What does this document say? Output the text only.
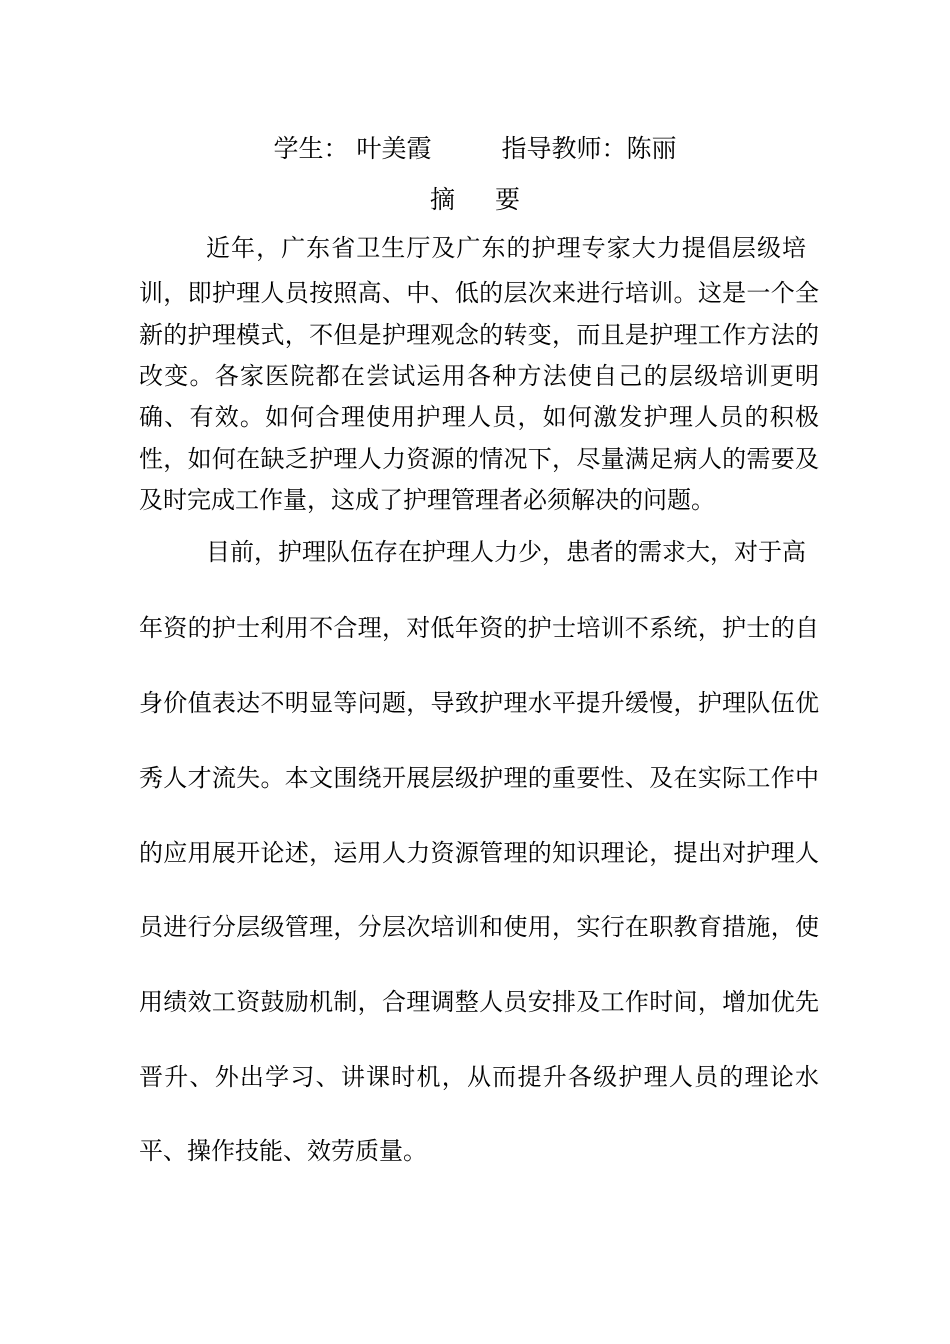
学生： 叶美霞	指导教师：陈丽
摘要
近年，广东省卫生厅及广东的护理专家大力提倡层级培
训，即护理人员按照高、中、低的层次来进行培训。这是一个全
新的护理模式，不但是护理观念的转变，而且是护理工作方法的
改变。各家医院都在尝试运用各种方法使自己的层级培训更明
确、有效。如何合理使用护理人员，如何激发护理人员的积极
性，如何在缺乏护理人力资源的情况下，尽量满足病人的需要及
及时完成工作量，这成了护理管理者必须解决的问题。
目前，护理队伍存在护理人力少，患者的需求大，对于高
年资的护士利用不合理，对低年资的护士培训不系统，护士的自
身价值表达不明显等问题，导致护理水平提升缓慢，护理队伍优
秀人才流失。本文围绕开展层级护理的重要性、及在实际工作中
的应用展开论述，运用人力资源管理的知识理论，提出对护理人
员进行分层级管理，分层次培训和使用，实行在职教育措施，使
用绩效工资鼓励机制，合理调整人员安排及工作时间，增加优先
晋升、外出学习、讲课时机，从而提升各级护理人员的理论水
平、操作技能、效劳质量。
